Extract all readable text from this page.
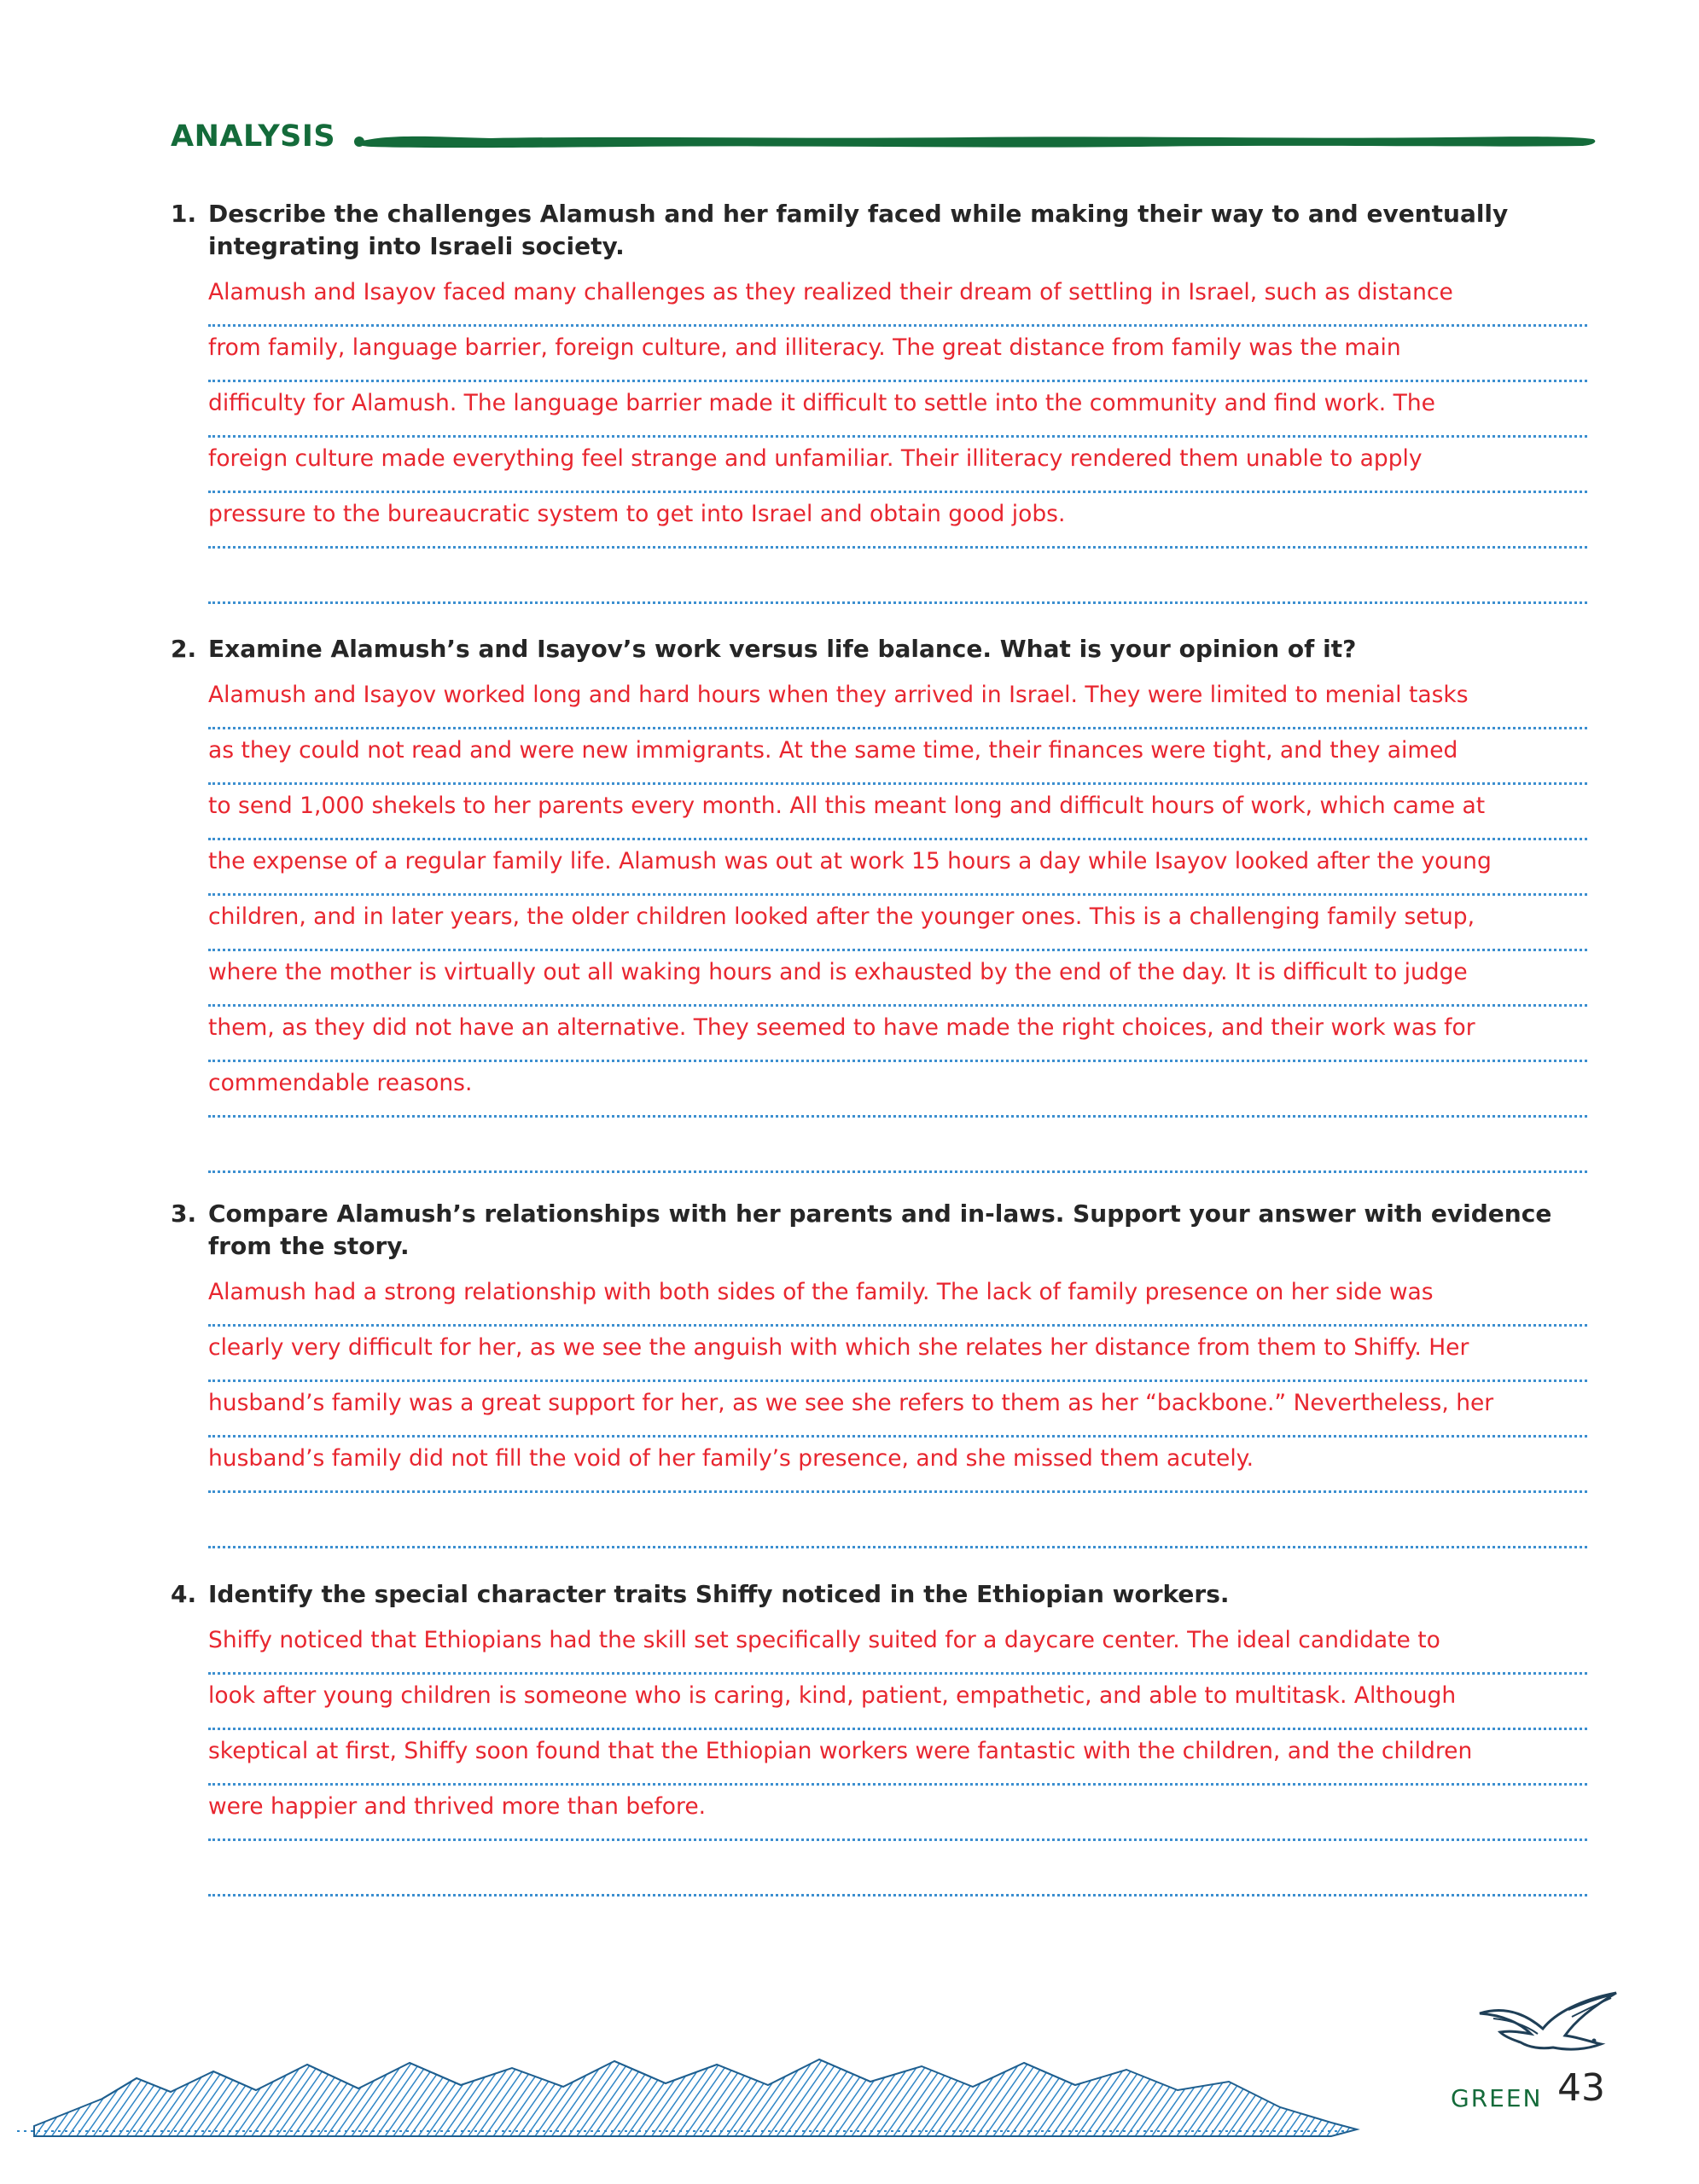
ANALYSIS
1. Describe the challenges Alamush and her family faced while making their way to and eventually integrating into Israeli society.
Alamush and Isayov faced many challenges as they realized their dream of settling in Israel, such as distance
from family, language barrier, foreign culture, and illiteracy. The great distance from family was the main
difficulty for Alamush. The language barrier made it difficult to settle into the community and find work. The
foreign culture made everything feel strange and unfamiliar. Their illiteracy rendered them unable to apply
pressure to the bureaucratic system to get into Israel and obtain good jobs.
2. Examine Alamush’s and Isayov’s work versus life balance. What is your opinion of it?
Alamush and Isayov worked long and hard hours when they arrived in Israel. They were limited to menial tasks
as they could not read and were new immigrants. At the same time, their finances were tight, and they aimed
to send 1,000 shekels to her parents every month. All this meant long and difficult hours of work, which came at
the expense of a regular family life. Alamush was out at work 15 hours a day while Isayov looked after the young
children, and in later years, the older children looked after the younger ones. This is a challenging family setup,
where the mother is virtually out all waking hours and is exhausted by the end of the day. It is difficult to judge
them, as they did not have an alternative. They seemed to have made the right choices, and their work was for
commendable reasons.
3. Compare Alamush’s relationships with her parents and in-laws. Support your answer with evidence from the story.
Alamush had a strong relationship with both sides of the family. The lack of family presence on her side was
clearly very difficult for her, as we see the anguish with which she relates her distance from them to Shiffy. Her
husband’s family was a great support for her, as we see she refers to them as her “backbone.” Nevertheless, her
husband’s family did not fill the void of her family’s presence, and she missed them acutely.
4. Identify the special character traits Shiffy noticed in the Ethiopian workers.
Shiffy noticed that Ethiopians had the skill set specifically suited for a daycare center. The ideal candidate to
look after young children is someone who is caring, kind, patient, empathetic, and able to multitask. Although
skeptical at first, Shiffy soon found that the Ethiopian workers were fantastic with the children, and the children
were happier and thrived more than before.
GREEN 43
